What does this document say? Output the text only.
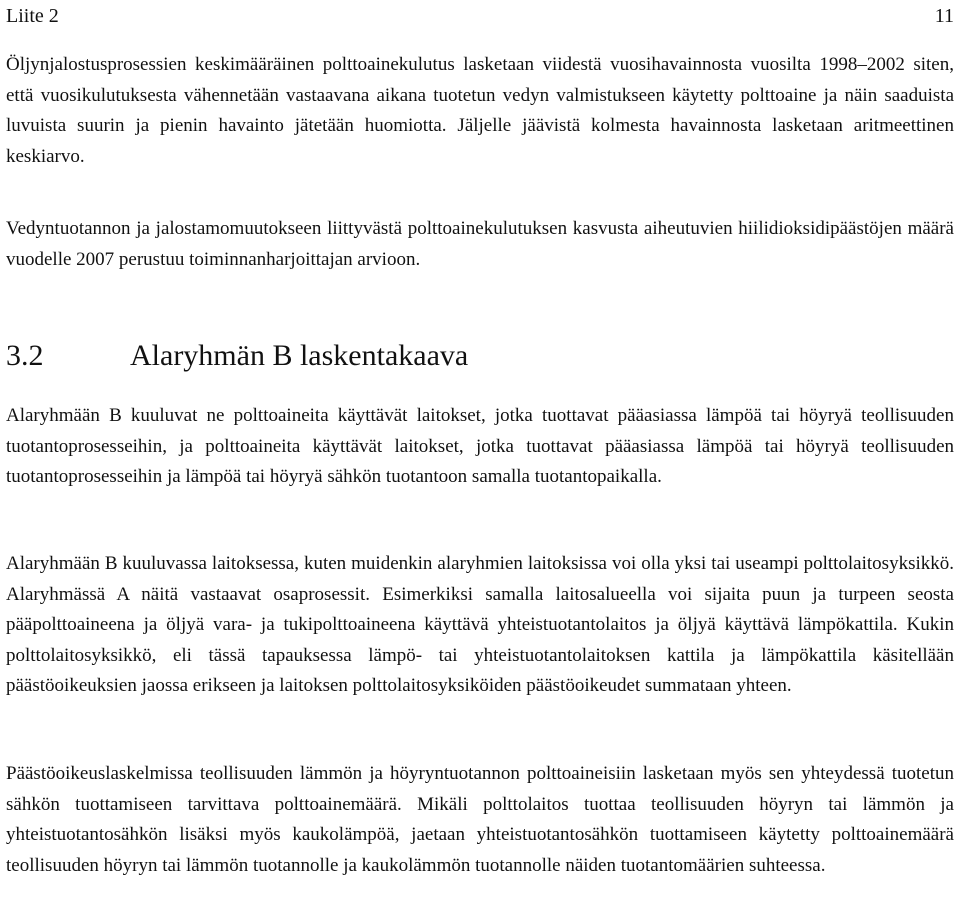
Liite 2	11

Öljynjalostusprosessien keskimääräinen polttoainekulutus lasketaan viidestä vuosihavainnosta vuosilta 1998–2002 siten, että vuosikulutuksesta vähennetään vastaavana aikana tuotetun vedyn valmistukseen käytetty polttoaine ja näin saaduista luvuista suurin ja pienin havainto jätetään huomiotta. Jäljelle jäävistä kolmesta havainnosta lasketaan aritmeettinen keskiarvo.

Vedyntuotannon ja jalostamomuutokseen liittyvästä polttoainekulutuksen kasvusta aiheutuvien hiilidioksidipäästöjen määrä vuodelle 2007 perustuu toiminnanharjoittajan arvioon.

3.2	Alaryhmän B laskentakaava

Alaryhmään B kuuluvat ne polttoaineita käyttävät laitokset, jotka tuottavat pääasiassa lämpöä tai höyryä teollisuuden tuotantoprosesseihin, ja polttoaineita käyttävät laitokset, jotka tuottavat pääasiassa lämpöä tai höyryä teollisuuden tuotantoprosesseihin ja lämpöä tai höyryä sähkön tuotantoon samalla tuotantopaikalla.

Alaryhmään B kuuluvassa laitoksessa, kuten muidenkin alaryhmien laitoksissa voi olla yksi tai useampi polttolaitosyksikkö. Alaryhmässä A näitä vastaavat osaprosessit. Esimerkiksi samalla laitosalueella voi sijaita puun ja turpeen seosta pääpolttoaineena ja öljyä vara- ja tukipolttoaineena käyttävä yhteistuotantolaitos ja öljyä käyttävä lämpökattila. Kukin polttolaitosyksikkö, eli tässä tapauksessa lämpö- tai yhteistuotantolaitoksen kattila ja lämpökattila käsitellään päästöoikeuksien jaossa erikseen ja laitoksen polttolaitosyksiköiden päästöoikeudet summataan yhteen.

Päästöoikeuslaskelmissa teollisuuden lämmön ja höyryntuotannon polttoaineisiin lasketaan myös sen yhteydessä tuotetun sähkön tuottamiseen tarvittava polttoainemäärä. Mikäli polttolaitos tuottaa teollisuuden höyryn tai lämmön ja yhteistuotantosähkön lisäksi myös kaukolämpöä, jaetaan yhteistuotantosähkön tuottamiseen käytetty polttoainemäärä teollisuuden höyryn tai lämmön tuotannolle ja kaukolämmön tuotannolle näiden tuotantomäärien suhteessa.
